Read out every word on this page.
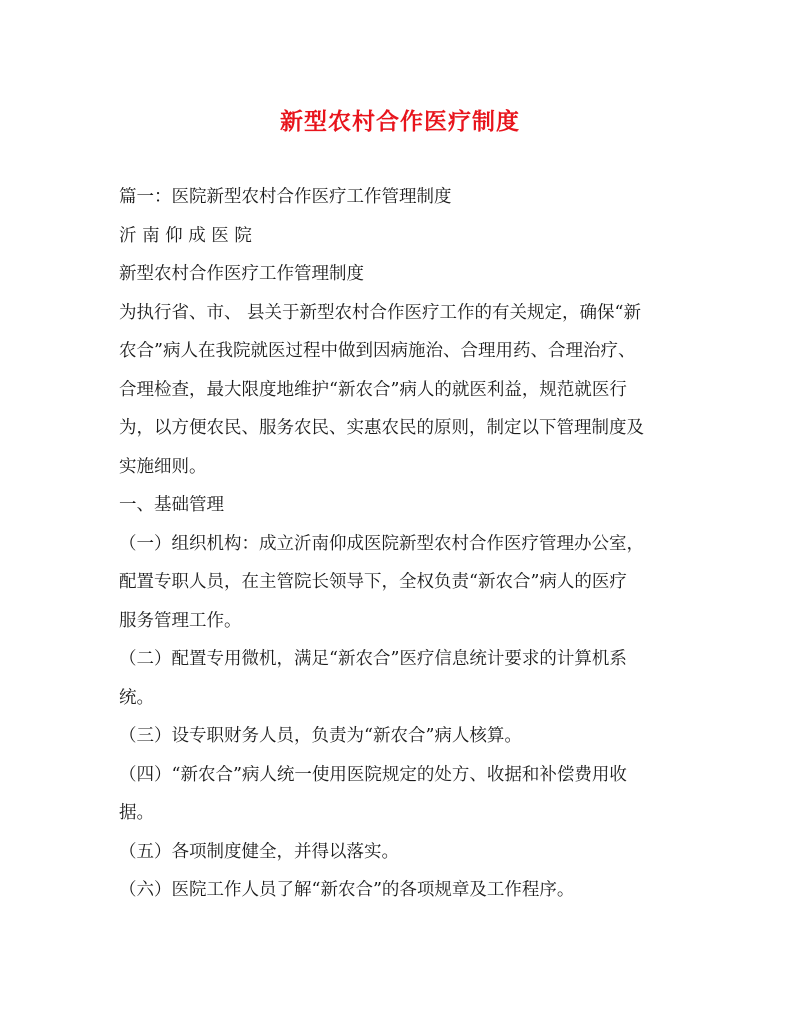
新型农村合作医疗制度
篇一：医院新型农村合作医疗工作管理制度
沂 南 仰 成 医 院
新型农村合作医疗工作管理制度
为执行省、市、 县关于新型农村合作医疗工作的有关规定，确保“新
农合”病人在我院就医过程中做到因病施治、合理用药、合理治疗、
合理检查，最大限度地维护“新农合”病人的就医利益，规范就医行
为，以方便农民、服务农民、实惠农民的原则，制定以下管理制度及
实施细则。
一、基础管理
（一）组织机构：成立沂南仰成医院新型农村合作医疗管理办公室，
配置专职人员，在主管院长领导下，全权负责“新农合”病人的医疗
服务管理工作。
（二）配置专用微机，满足“新农合”医疗信息统计要求的计算机系
统。
（三）设专职财务人员，负责为“新农合”病人核算。
（四）“新农合”病人统一使用医院规定的处方、收据和补偿费用收
据。
（五）各项制度健全，并得以落实。
（六）医院工作人员了解“新农合”的各项规章及工作程序。
